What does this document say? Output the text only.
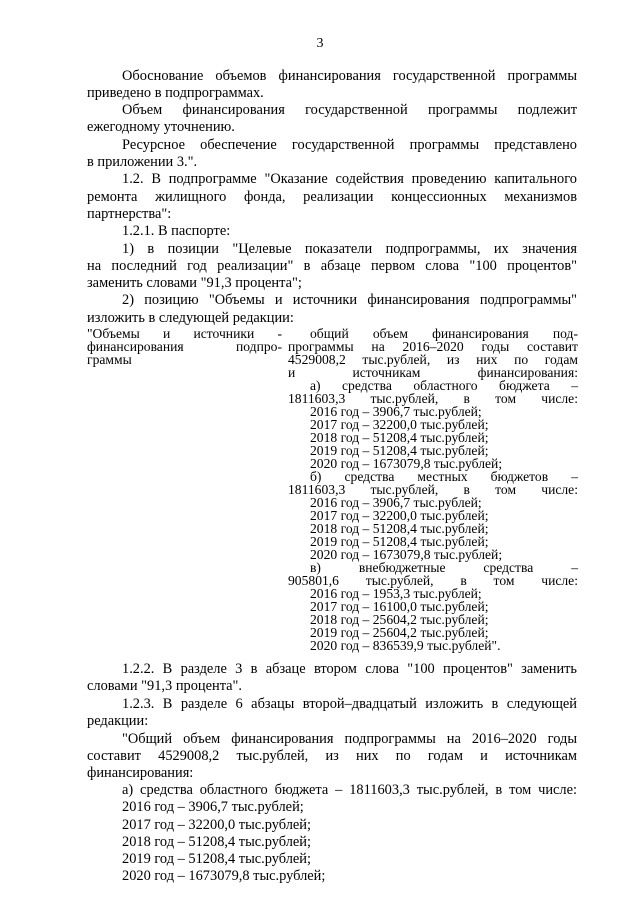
3
Обоснование объемов финансирования государственной программы
приведено в подпрограммах.
Объем финансирования государственной программы подлежит
ежегодному уточнению.
Ресурсное обеспечение государственной программы представлено
в приложении 3.".
1.2. В подпрограмме "Оказание содействия проведению капитального
ремонта жилищного фонда, реализации концессионных механизмов
партнерства":
1.2.1. В паспорте:
1) в позиции "Целевые показатели подпрограммы, их значения
на последний год реализации" в абзаце первом слова "100 процентов"
заменить словами "91,3 процента";
2) позицию "Объемы и источники финансирования подпрограммы"
изложить в следующей редакции:
"Объемы и источники -
финансирования подпро-
граммы
общий объем финансирования под-
программы на 2016–2020 годы составит
4529008,2 тыс.рублей, из них по годам
и источникам финансирования:
а) средства областного бюджета –
1811603,3 тыс.рублей, в том числе:
2016 год – 3906,7 тыс.рублей;
2017 год – 32200,0 тыс.рублей;
2018 год – 51208,4 тыс.рублей;
2019 год – 51208,4 тыс.рублей;
2020 год – 1673079,8 тыс.рублей;
б) средства местных бюджетов –
1811603,3 тыс.рублей, в том числе:
2016 год – 3906,7 тыс.рублей;
2017 год – 32200,0 тыс.рублей;
2018 год – 51208,4 тыс.рублей;
2019 год – 51208,4 тыс.рублей;
2020 год – 1673079,8 тыс.рублей;
в) внебюджетные средства –
905801,6 тыс.рублей, в том числе:
2016 год – 1953,3 тыс.рублей;
2017 год – 16100,0 тыс.рублей;
2018 год – 25604,2 тыс.рублей;
2019 год – 25604,2 тыс.рублей;
2020 год – 836539,9 тыс.рублей".
1.2.2. В разделе 3 в абзаце втором слова "100 процентов" заменить
словами "91,3 процента".
1.2.3. В разделе 6 абзацы второй–двадцатый изложить в следующей
редакции:
"Общий объем финансирования подпрограммы на 2016–2020 годы
составит 4529008,2 тыс.рублей, из них по годам и источникам
финансирования:
а) средства областного бюджета – 1811603,3 тыс.рублей, в том числе:
2016 год – 3906,7 тыс.рублей;
2017 год – 32200,0 тыс.рублей;
2018 год – 51208,4 тыс.рублей;
2019 год – 51208,4 тыс.рублей;
2020 год – 1673079,8 тыс.рублей;
